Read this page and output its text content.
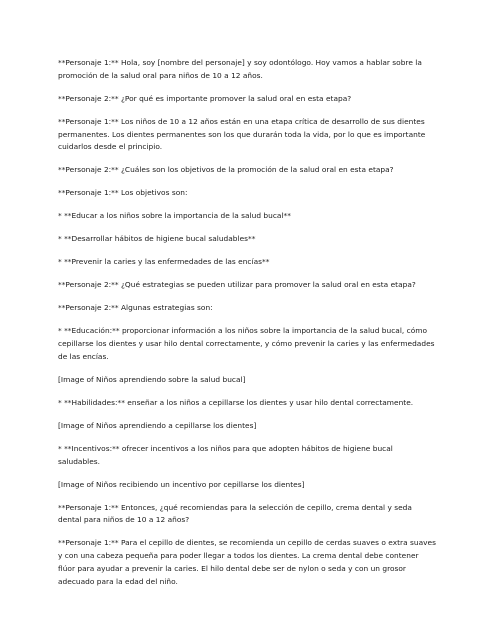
**Personaje 1:** Hola, soy [nombre del personaje] y soy odontólogo. Hoy vamos a hablar sobre la promoción de la salud oral para niños de 10 a 12 años.

**Personaje 2:** ¿Por qué es importante promover la salud oral en esta etapa?

**Personaje 1:** Los niños de 10 a 12 años están en una etapa crítica de desarrollo de sus dientes permanentes. Los dientes permanentes son los que durarán toda la vida, por lo que es importante cuidarlos desde el principio.

**Personaje 2:** ¿Cuáles son los objetivos de la promoción de la salud oral en esta etapa?

**Personaje 1:** Los objetivos son:

* **Educar a los niños sobre la importancia de la salud bucal**

* **Desarrollar hábitos de higiene bucal saludables**

* **Prevenir la caries y las enfermedades de las encías**

**Personaje 2:** ¿Qué estrategias se pueden utilizar para promover la salud oral en esta etapa?

**Personaje 2:** Algunas estrategias son:

* **Educación:** proporcionar información a los niños sobre la importancia de la salud bucal, cómo cepillarse los dientes y usar hilo dental correctamente, y cómo prevenir la caries y las enfermedades de las encías.

[Image of Niños aprendiendo sobre la salud bucal]

* **Habilidades:** enseñar a los niños a cepillarse los dientes y usar hilo dental correctamente.

[Image of Niños aprendiendo a cepillarse los dientes]

* **Incentivos:** ofrecer incentivos a los niños para que adopten hábitos de higiene bucal saludables.

[Image of Niños recibiendo un incentivo por cepillarse los dientes]

**Personaje 1:** Entonces, ¿qué recomiendas para la selección de cepillo, crema dental y seda dental para niños de 10 a 12 años?

**Personaje 1:** Para el cepillo de dientes, se recomienda un cepillo de cerdas suaves o extra suaves y con una cabeza pequeña para poder llegar a todos los dientes. La crema dental debe contener flúor para ayudar a prevenir la caries. El hilo dental debe ser de nylon o seda y con un grosor adecuado para la edad del niño.
